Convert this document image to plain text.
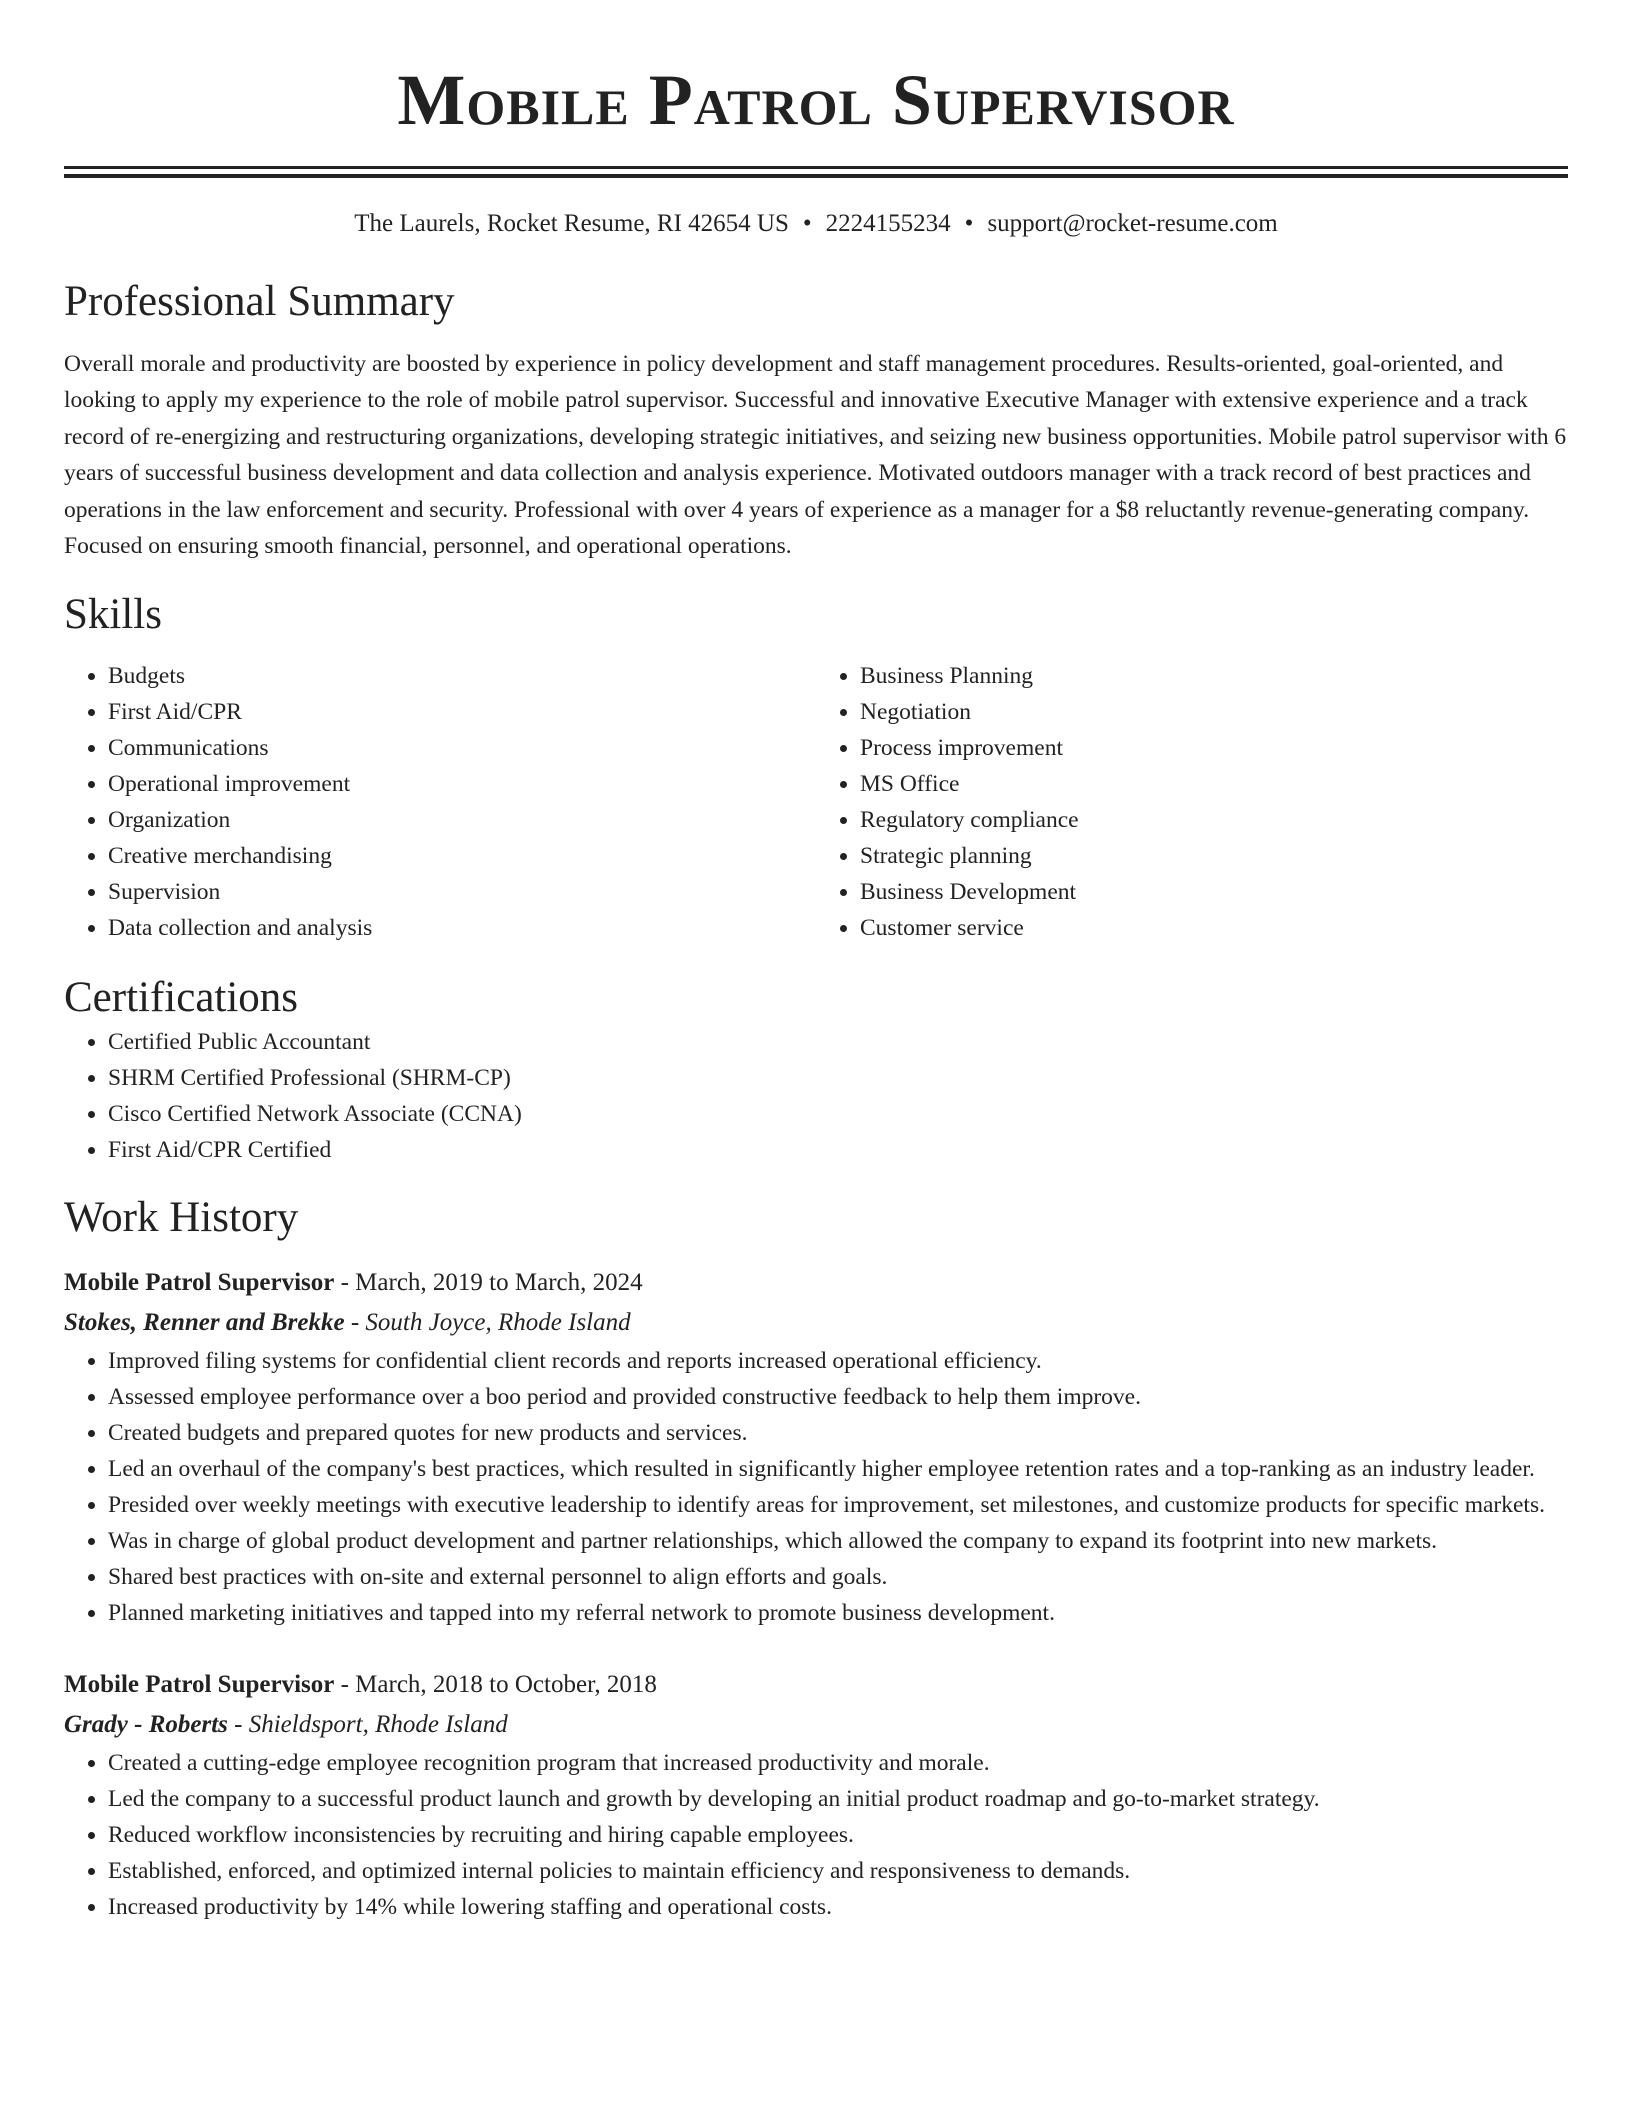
Mobile Patrol Supervisor
The Laurels, Rocket Resume, RI 42654 US • 2224155234 • support@rocket-resume.com
Professional Summary
Overall morale and productivity are boosted by experience in policy development and staff management procedures. Results-oriented, goal-oriented, and looking to apply my experience to the role of mobile patrol supervisor. Successful and innovative Executive Manager with extensive experience and a track record of re-energizing and restructuring organizations, developing strategic initiatives, and seizing new business opportunities. Mobile patrol supervisor with 6 years of successful business development and data collection and analysis experience. Motivated outdoors manager with a track record of best practices and operations in the law enforcement and security. Professional with over 4 years of experience as a manager for a $8 reluctantly revenue-generating company. Focused on ensuring smooth financial, personnel, and operational operations.
Skills
• Budgets
• First Aid/CPR
• Communications
• Operational improvement
• Organization
• Creative merchandising
• Supervision
• Data collection and analysis
• Business Planning
• Negotiation
• Process improvement
• MS Office
• Regulatory compliance
• Strategic planning
• Business Development
• Customer service
Certifications
• Certified Public Accountant
• SHRM Certified Professional (SHRM-CP)
• Cisco Certified Network Associate (CCNA)
• First Aid/CPR Certified
Work History
Mobile Patrol Supervisor - March, 2019 to March, 2024
Stokes, Renner and Brekke - South Joyce, Rhode Island
• Improved filing systems for confidential client records and reports increased operational efficiency.
• Assessed employee performance over a boo period and provided constructive feedback to help them improve.
• Created budgets and prepared quotes for new products and services.
• Led an overhaul of the company's best practices, which resulted in significantly higher employee retention rates and a top-ranking as an industry leader.
• Presided over weekly meetings with executive leadership to identify areas for improvement, set milestones, and customize products for specific markets.
• Was in charge of global product development and partner relationships, which allowed the company to expand its footprint into new markets.
• Shared best practices with on-site and external personnel to align efforts and goals.
• Planned marketing initiatives and tapped into my referral network to promote business development.
Mobile Patrol Supervisor - March, 2018 to October, 2018
Grady - Roberts - Shieldsport, Rhode Island
• Created a cutting-edge employee recognition program that increased productivity and morale.
• Led the company to a successful product launch and growth by developing an initial product roadmap and go-to-market strategy.
• Reduced workflow inconsistencies by recruiting and hiring capable employees.
• Established, enforced, and optimized internal policies to maintain efficiency and responsiveness to demands.
• Increased productivity by 14% while lowering staffing and operational costs.
